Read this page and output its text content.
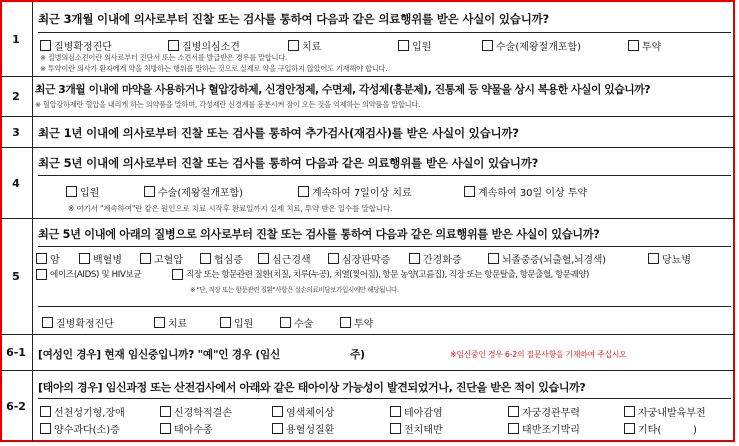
1
최근 3개월 이내에 의사로부터 진찰 또는 검사를 통하여 다음과 같은 의료행위를 받은 사실이 있습니까?
질병확정진단	질병의심소견	치료	입원	수술(제왕절개포함)	투약
※ 질병의심소견이란 의사로부터 진단서 또는 소견서를 발급받은 경우를 말합니다.
※ 투약이란 의사가 환자에게 약을 처방하는 행위를 말하는 것으로 실제로 약을 구입하지 않았어도 기재해야 합니다.
2
최근 3개월 이내에 마약을 사용하거나 혈압강하제, 신경안정제, 수면제, 각성제(흥분제), 진통제 등 약물을 상시 복용한 사실이 있습니까?
※ 혈압강하제란 혈압을 내리게 하는 의약품을 말하며, 각성제란 신경계를 흥분시켜 잠이 오든 것을 억제하는 의약품을 말합니다.
3	최근 1년 이내에 의사로부터 진찰 또는 검사를 통하여 추가검사(재검사)를 받은 사실이 있습니까?
4
최근 5년 이내에 의사로부터 진찰 또는 검사를 통하여 다음과 같은 의료행위를 받은 사실이 있습니까?
입원	수술(제왕절개포함)	계속하여 7일이상 치료	계속하여 30일 이상 투약
※ 여기서 "계속하여"란 같은 원인으로 치료 시작후 완료일까지 실제 치료, 투약 받은 일수를 말합니다.
5
최근 5년 이내에 아래의 질병으로 의사로부터 진찰 또는 검사를 통하여 다음과 같은 의료행위를 받은 사실이 있습니까?
암	백혈병	고혈압	협심증	심근경색	심장판막증	간경화증	뇌졸중증(뇌출혈,뇌경색)	당뇨병
에이즈(AIDS) 및 HIV보균	직장 또는 항문관련 질환(치질, 치루(누공), 치열(찢어짐), 항문 농양(고름집), 직장 또는 항문탈출, 항문출혈, 항문궤양)
※ "단, 직장 또는 항문관련 질환"사항은 실손의료비담보가입시에만 해당됩니다.
질병확정진단	치료	입원	수술	투약
6-1	[여성인 경우] 현재 임신중입니까? "예"인 경우 (임신	주)	※임신중인 경우 6-2의 질문사항을 기재하여 주십시오
6-2
[태아의 경우] 임신과정 또는 산전검사에서 아래와 같은 태아이상 가능성이 발견되었거나, 진단을 받은 적이 있습니까?
선천성기형,장애	신경학적결손	염색체이상	테아감염	자궁경관무력	자궁내발육부전
양수과다(소)증	태아수종	용혈성질환	전치태반	태반조기박리	기타(          )
